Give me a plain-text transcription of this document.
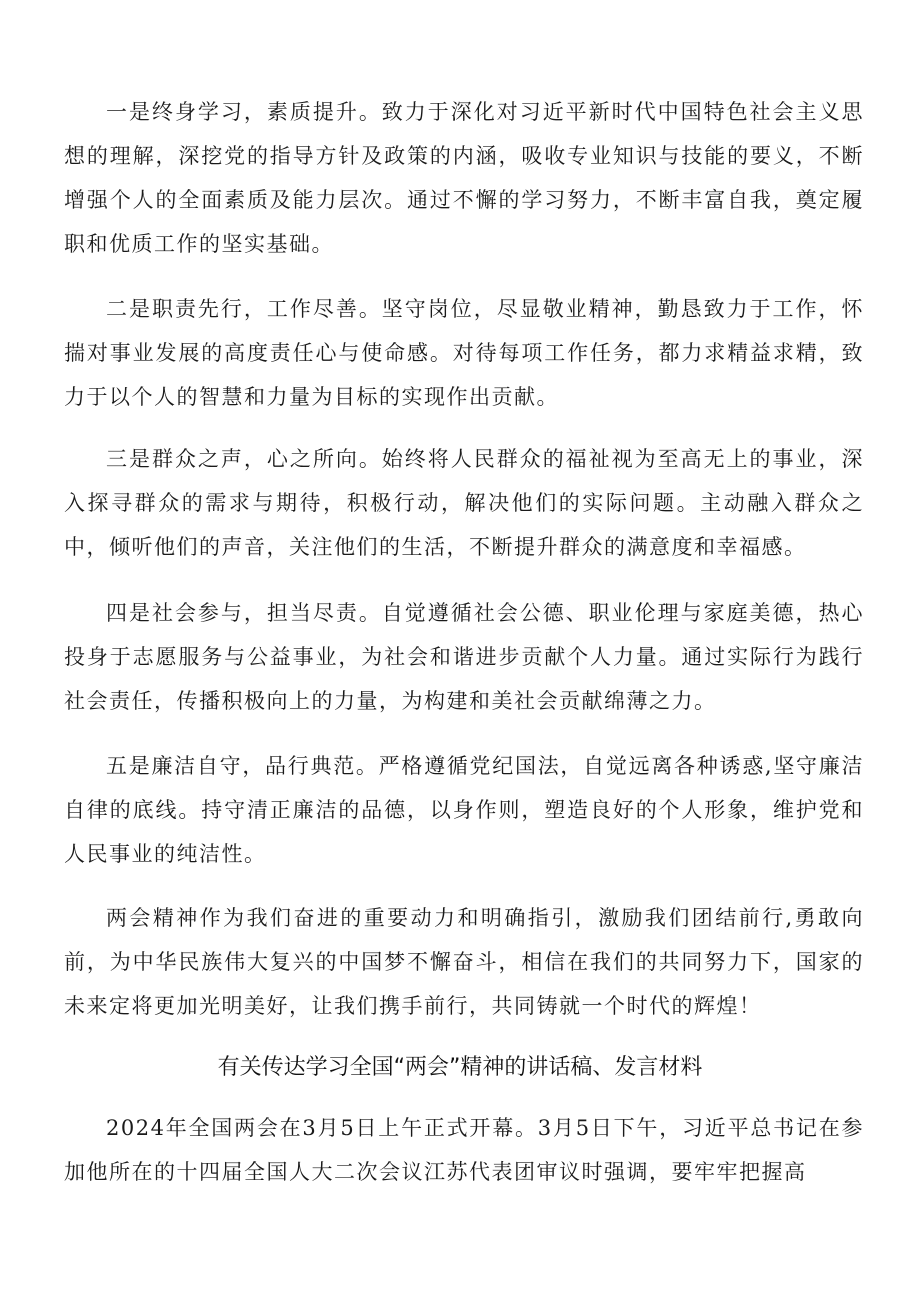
一是终身学习，素质提升。致力于深化对习近平新时代中国特色社会主义思想的理解，深挖党的指导方针及政策的内涵，吸收专业知识与技能的要义，不断增强个人的全面素质及能力层次。通过不懈的学习努力，不断丰富自我，奠定履职和优质工作的坚实基础。

二是职责先行，工作尽善。坚守岗位，尽显敬业精神，勤恳致力于工作，怀揣对事业发展的高度责任心与使命感。对待每项工作任务，都力求精益求精，致力于以个人的智慧和力量为目标的实现作出贡献。

三是群众之声，心之所向。始终将人民群众的福祉视为至高无上的事业，深入探寻群众的需求与期待，积极行动，解决他们的实际问题。主动融入群众之中，倾听他们的声音，关注他们的生活，不断提升群众的满意度和幸福感。

四是社会参与，担当尽责。自觉遵循社会公德、职业伦理与家庭美德，热心投身于志愿服务与公益事业，为社会和谐进步贡献个人力量。通过实际行为践行社会责任，传播积极向上的力量，为构建和美社会贡献绵薄之力。

五是廉洁自守，品行典范。严格遵循党纪国法，自觉远离各种诱惑,坚守廉洁自律的底线。持守清正廉洁的品德，以身作则，塑造良好的个人形象，维护党和人民事业的纯洁性。

两会精神作为我们奋进的重要动力和明确指引，激励我们团结前行,勇敢向前，为中华民族伟大复兴的中国梦不懈奋斗，相信在我们的共同努力下，国家的未来定将更加光明美好，让我们携手前行，共同铸就一个时代的辉煌！

有关传达学习全国“两会”精神的讲话稿、发言材料

2024年全国两会在3月5日上午正式开幕。3月5日下午，习近平总书记在参加他所在的十四届全国人大二次会议江苏代表团审议时强调，要牢牢把握高
